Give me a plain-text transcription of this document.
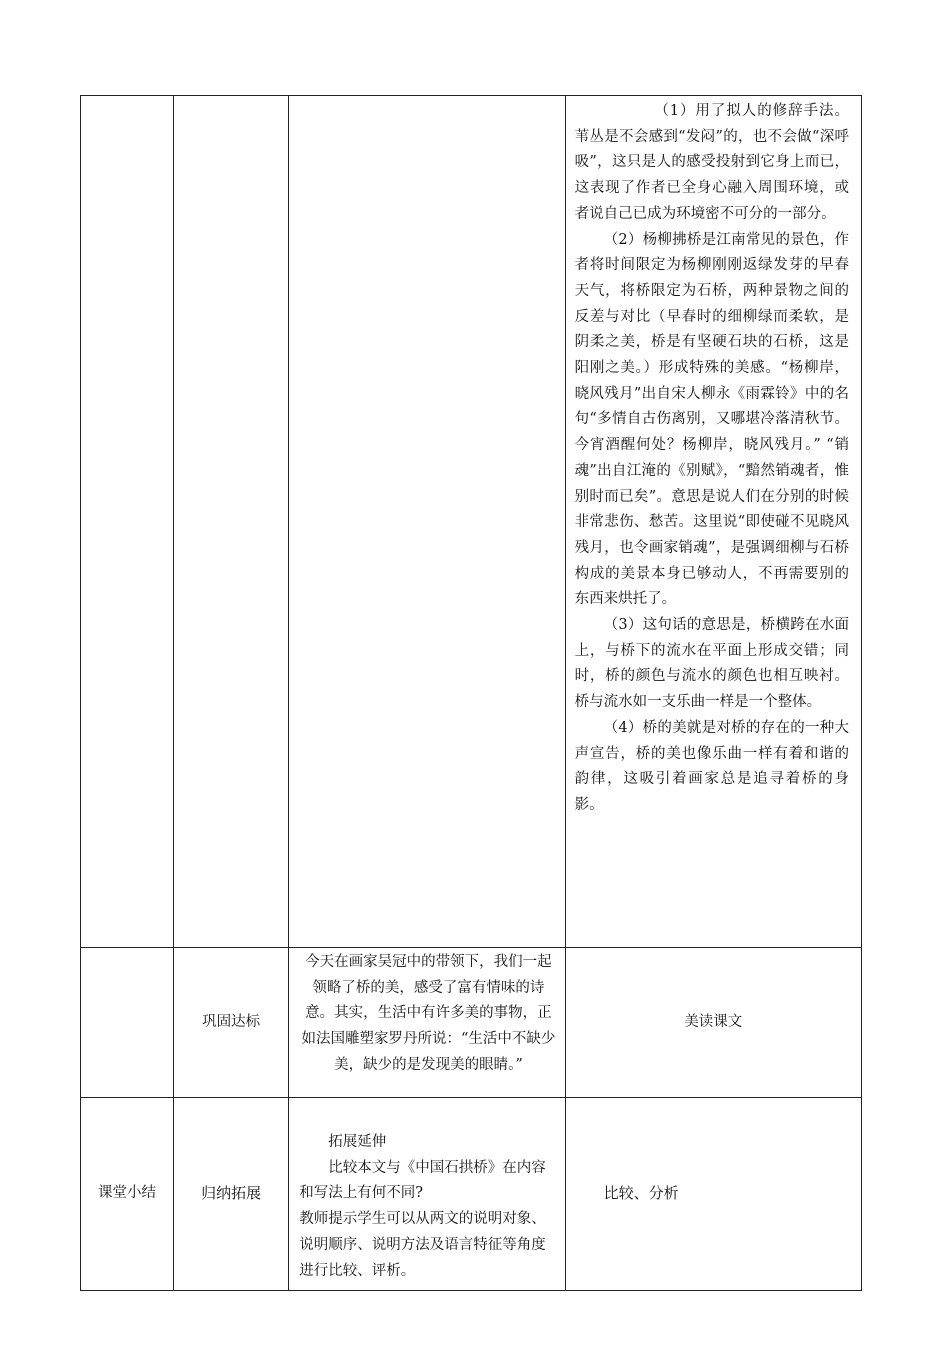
			（1）用了拟人的修辞手法。苇丛是不会感到“发闷”的，也不会做“深呼吸”，这只是人的感受投射到它身上而已，这表现了作者已全身心融入周围环境，或者说自己已成为环境密不可分的一部分。

（2）杨柳拂桥是江南常见的景色，作者将时间限定为杨柳刚刚返绿发芽的早春天气，将桥限定为石桥，两种景物之间的反差与对比（早春时的细柳绿而柔软，是阴柔之美，桥是有坚硬石块的石桥，这是阳刚之美。）形成特殊的美感。“杨柳岸，晓风残月”出自宋人柳永《雨霖铃》中的名句“多情自古伤离别，又哪堪冷落清秋节。今宵酒醒何处？杨柳岸，晓风残月。” “销魂”出自江淹的《别赋》，“黯然销魂者，惟别时而已矣”。意思是说人们在分别的时候非常悲伤、愁苦。这里说“即使碰不见晓风残月，也令画家销魂”，是强调细柳与石桥构成的美景本身已够动人，不再需要别的东西来烘托了。

（3）这句话的意思是，桥横跨在水面上，与桥下的流水在平面上形成交错；同时，桥的颜色与流水的颜色也相互映衬。桥与流水如一支乐曲一样是一个整体。

（4）桥的美就是对桥的存在的一种大声宣告，桥的美也像乐曲一样有着和谐的韵律，这吸引着画家总是追寻着桥的身影。

	巩固达标	今天在画家吴冠中的带领下，我们一起领略了桥的美，感受了富有情味的诗意。其实，生活中有许多美的事物，正如法国雕塑家罗丹所说：“生活中不缺少美，缺少的是发现美的眼睛。”	美读课文
课堂小结	归纳拓展	拓展延伸

比较本文与《中国石拱桥》在内容和写法上有何不同?

教师提示学生可以从两文的说明对象、说明顺序、说明方法及语言特征等角度进行比较、评析。	比较、分析
